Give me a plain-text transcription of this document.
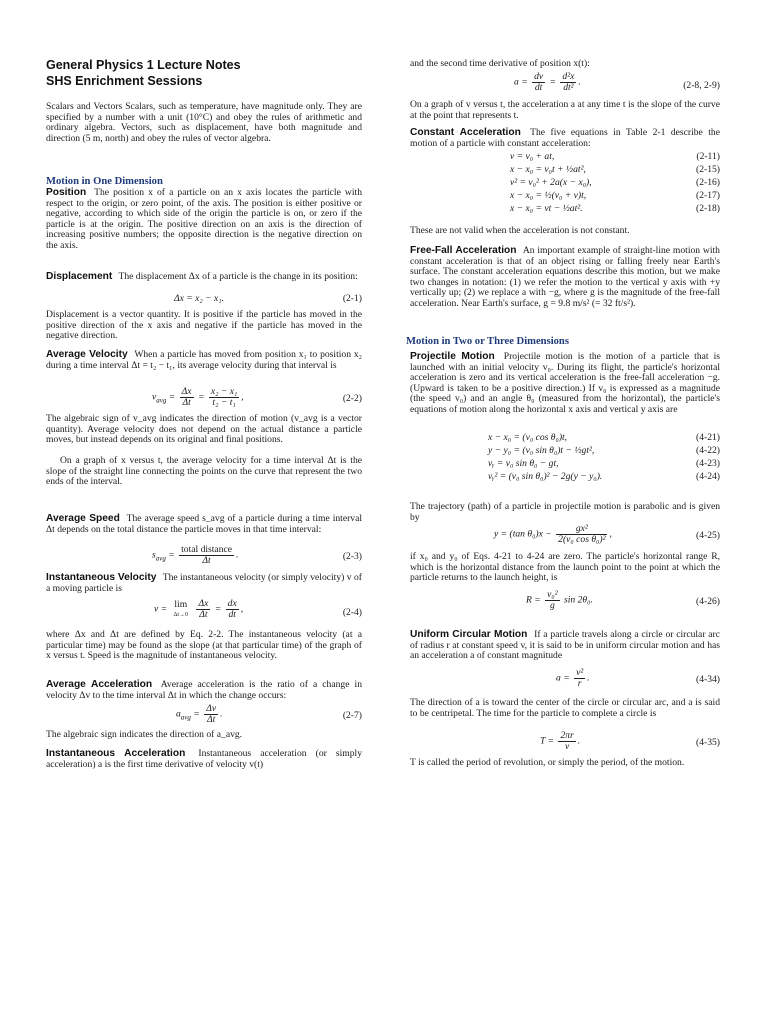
General Physics 1 Lecture Notes
SHS Enrichment Sessions
Scalars and Vectors Scalars, such as temperature, have magnitude only. They are specified by a number with a unit (10°C) and obey the rules of arithmetic and ordinary algebra. Vectors, such as displacement, have both magnitude and direction (5 m, north) and obey the rules of vector algebra.
Motion in One Dimension
Position The position x of a particle on an x axis locates the particle with respect to the origin, or zero point, of the axis. The position is either positive or negative, according to which side of the origin the particle is on, or zero if the particle is at the origin. The positive direction on an axis is the direction of increasing positive numbers; the opposite direction is the negative direction on the axis.
Displacement The displacement Δx of a particle is the change in its position:
Δx = x₂ − x₁.	(2-1)
Displacement is a vector quantity. It is positive if the particle has moved in the positive direction of the x axis and negative if the particle has moved in the negative direction.
Average Velocity When a particle has moved from position x₁ to position x₂ during a time interval Δt = t₂ − t₁, its average velocity during that interval is
$v_{avg} = \frac{\Delta x}{\Delta t} = \frac{\text{x₂ − x₁}}{\text{t₂ − t₁}}$ ,	(2-2)
The algebraic sign of v_avg indicates the direction of motion (v_avg is a vector quantity). Average velocity does not depend on the actual distance a particle moves, but instead depends on its original and final positions.
On a graph of x versus t, the average velocity for a time interval Δt is the slope of the straight line connecting the points on the curve that represent the two ends of the interval.
Average Speed The average speed s_avg of a particle during a time interval Δt depends on the total distance the particle moves in that time interval:
$s_{avg} = \frac{\text{total distance}}{\Delta t}$ .	(2-3)
Instantaneous Velocity The instantaneous velocity (or simply velocity) v of a moving particle is
v = lim
Δt→0
$\frac{\Delta x}{\Delta t} = \frac{dx}{dt}$ ,	(2-4)
where Δx and Δt are defined by Eq. 2-2. The instantaneous velocity (at a particular time) may be found as the slope (at that particular time) of the graph of x versus t. Speed is the magnitude of instantaneous velocity.
Average Acceleration Average acceleration is the ratio of a change in velocity Δv to the time interval Δt in which the change occurs:
$a_{avg} = \frac{\Delta v}{\Delta t}$ .	(2-7)
The algebraic sign indicates the direction of a_avg.
Instantaneous Acceleration Instantaneous acceleration (or simply acceleration) a is the first time derivative of velocity v(t)
and the second time derivative of position x(t):
$a = \frac{dv}{dt} = \frac{\text{d²x}}{\text{dt²}}$ .	(2-8, 2-9)
On a graph of v versus t, the acceleration a at any time t is the slope of the curve at the point that represents t.
Constant Acceleration The five equations in Table 2-1 describe the motion of a particle with constant acceleration:
v = v₀ + at,	(2-11)
x − x₀ = v₀t + ½at²,	(2-15)
v² = v₀² + 2a(x − x₀),	(2-16)
x − x₀ = ½(v₀ + v)t,	(2-17)
x − x₀ = vt − ½at².	(2-18)
These are not valid when the acceleration is not constant.
Free-Fall Acceleration An important example of straight-line motion with constant acceleration is that of an object rising or falling freely near Earth's surface. The constant acceleration equations describe this motion, but we make two changes in notation: (1) we refer the motion to the vertical y axis with +y vertically up; (2) we replace a with −g, where g is the magnitude of the free-fall acceleration. Near Earth's surface, g = 9.8 m/s² (= 32 ft/s²).
Motion in Two or Three Dimensions
Projectile Motion Projectile motion is the motion of a particle that is launched with an initial velocity v₀. During its flight, the particle's horizontal acceleration is zero and its vertical acceleration is the free-fall acceleration −g. (Upward is taken to be a positive direction.) If v₀ is expressed as a magnitude (the speed v₀) and an angle θ₀ (measured from the horizontal), the particle's equations of motion along the horizontal x axis and vertical y axis are
x − x₀ = (v₀ cos θ₀)t,	(4-21)
y − y₀ = (v₀ sin θ₀)t − ½gt²,	(4-22)
vᵧ = v₀ sin θ₀ − gt,	(4-23)
vᵧ² = (v₀ sin θ₀)² − 2g(y − y₀).	(4-24)
The trajectory (path) of a particle in projectile motion is parabolic and is given by
y = (tan $\theta_0)x - \frac{\text{gx²}}{\text{2(v₀ cos θ₀)²}}$ ,	(4-25)
if x₀ and y₀ of Eqs. 4-21 to 4-24 are zero. The particle's horizontal range R, which is the horizontal distance from the launch point to the point at which the particle returns to the launch height, is
$R = \frac{\text{v₀²}}{g}$ sin 2θ₀.	(4-26)
Uniform Circular Motion If a particle travels along a circle or circular arc of radius r at constant speed v, it is said to be in uniform circular motion and has an acceleration a of constant magnitude
$a = \frac{\text{v²}}{r}$ .	(4-34)
The direction of a is toward the center of the circle or circular arc, and a is said to be centripetal. The time for the particle to complete a circle is
$T = \frac{2\pi r}{v}$ .	(4-35)
T is called the period of revolution, or simply the period, of the motion.
